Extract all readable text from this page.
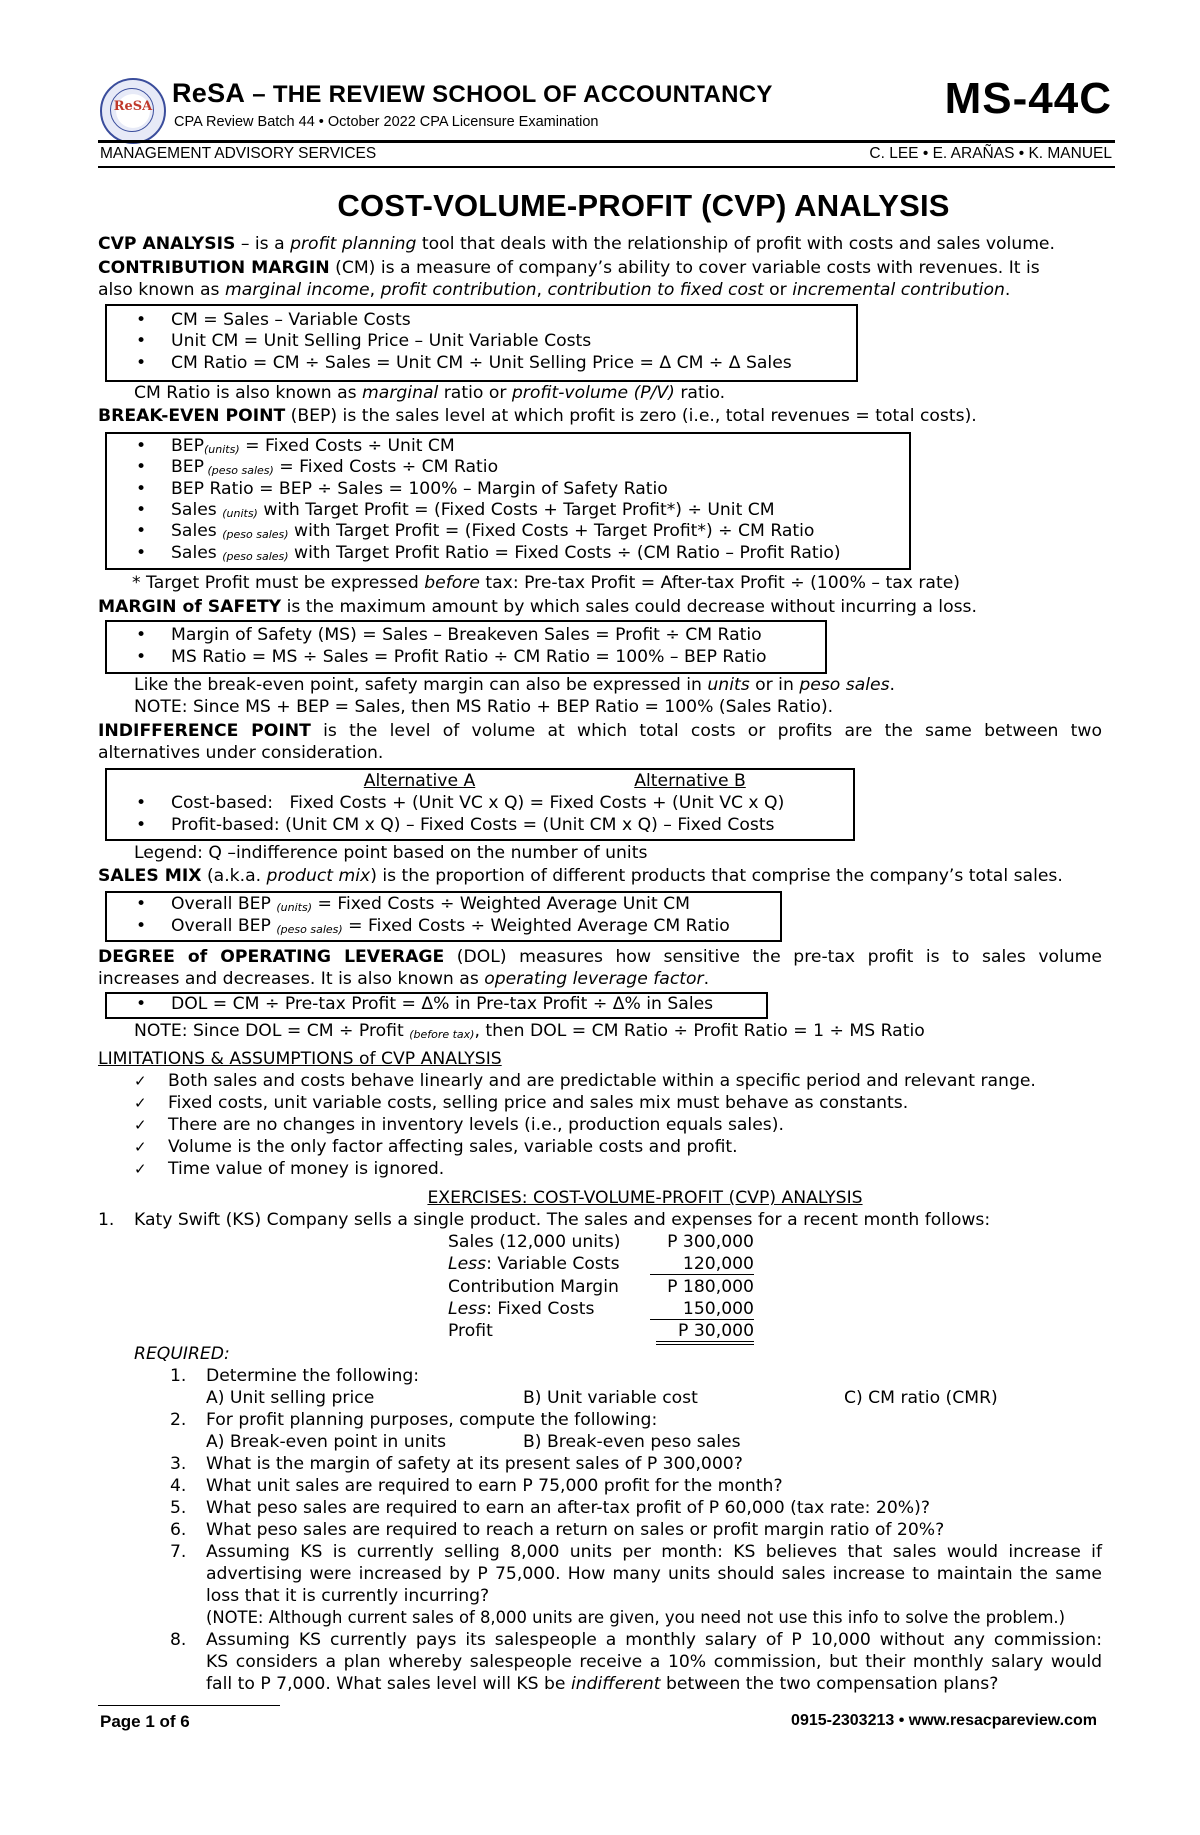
ReSA ReSA – THE REVIEW SCHOOL OF ACCOUNTANCY
CPA Review Batch 44 • October 2022 CPA Licensure Examination	MS-44C
MANAGEMENT ADVISORY SERVICES	C. LEE • E. ARAÑAS • K. MANUEL
COST-VOLUME-PROFIT (CVP) ANALYSIS
CVP ANALYSIS – is a profit planning tool that deals with the relationship of profit with costs and sales volume.
CONTRIBUTION MARGIN (CM) is a measure of company’s ability to cover variable costs with revenues. It is
also known as marginal income, profit contribution, contribution to fixed cost or incremental contribution.
• CM = Sales – Variable Costs
• Unit CM = Unit Selling Price – Unit Variable Costs
• CM Ratio = CM ÷ Sales = Unit CM ÷ Unit Selling Price = Δ CM ÷ Δ Sales
CM Ratio is also known as marginal ratio or profit-volume (P/V) ratio.
BREAK-EVEN POINT (BEP) is the sales level at which profit is zero (i.e., total revenues = total costs).
• BEP(units) = Fixed Costs ÷ Unit CM
• BEP (peso sales) = Fixed Costs ÷ CM Ratio
• BEP Ratio = BEP ÷ Sales = 100% – Margin of Safety Ratio
• Sales (units) with Target Profit = (Fixed Costs + Target Profit*) ÷ Unit CM
• Sales (peso sales) with Target Profit = (Fixed Costs + Target Profit*) ÷ CM Ratio
• Sales (peso sales) with Target Profit Ratio = Fixed Costs ÷ (CM Ratio – Profit Ratio)
* Target Profit must be expressed before tax: Pre-tax Profit = After-tax Profit ÷ (100% – tax rate)
MARGIN of SAFETY is the maximum amount by which sales could decrease without incurring a loss.
• Margin of Safety (MS) = Sales – Breakeven Sales = Profit ÷ CM Ratio
• MS Ratio = MS ÷ Sales = Profit Ratio ÷ CM Ratio = 100% – BEP Ratio
Like the break-even point, safety margin can also be expressed in units or in peso sales.
NOTE: Since MS + BEP = Sales, then MS Ratio + BEP Ratio = 100% (Sales Ratio).
INDIFFERENCE POINT is the level of volume at which total costs or profits are the same between two
alternatives under consideration.
Alternative A	Alternative B
• Cost-based:   Fixed Costs + (Unit VC x Q) = Fixed Costs + (Unit VC x Q)
• Profit-based: (Unit CM x Q) – Fixed Costs = (Unit CM x Q) – Fixed Costs
Legend: Q –indifference point based on the number of units
SALES MIX (a.k.a. product mix) is the proportion of different products that comprise the company’s total sales.
• Overall BEP (units) = Fixed Costs ÷ Weighted Average Unit CM
• Overall BEP (peso sales) = Fixed Costs ÷ Weighted Average CM Ratio
DEGREE of OPERATING LEVERAGE (DOL) measures how sensitive the pre-tax profit is to sales volume
increases and decreases. It is also known as operating leverage factor.
• DOL = CM ÷ Pre-tax Profit = Δ% in Pre-tax Profit ÷ Δ% in Sales
NOTE: Since DOL = CM ÷ Profit (before tax), then DOL = CM Ratio ÷ Profit Ratio = 1 ÷ MS Ratio
LIMITATIONS & ASSUMPTIONS of CVP ANALYSIS
✓ Both sales and costs behave linearly and are predictable within a specific period and relevant range.
✓ Fixed costs, unit variable costs, selling price and sales mix must behave as constants.
✓ There are no changes in inventory levels (i.e., production equals sales).
✓ Volume is the only factor affecting sales, variable costs and profit.
✓ Time value of money is ignored.
EXERCISES: COST-VOLUME-PROFIT (CVP) ANALYSIS
1. Katy Swift (KS) Company sells a single product. The sales and expenses for a recent month follows:
Sales (12,000 units)	P 300,000
Less: Variable Costs	120,000
Contribution Margin	P 180,000
Less: Fixed Costs	150,000
Profit	P 30,000
REQUIRED:
1. Determine the following:
A) Unit selling price	B) Unit variable cost	C) CM ratio (CMR)
2. For profit planning purposes, compute the following:
A) Break-even point in units	B) Break-even peso sales
3. What is the margin of safety at its present sales of P 300,000?
4. What unit sales are required to earn P 75,000 profit for the month?
5. What peso sales are required to earn an after-tax profit of P 60,000 (tax rate: 20%)?
6. What peso sales are required to reach a return on sales or profit margin ratio of 20%?
7.	Assuming KS is currently selling 8,000 units per month: KS believes that sales would increase if
advertising were increased by P 75,000. How many units should sales increase to maintain the same
loss that it is currently incurring?
(NOTE: Although current sales of 8,000 units are given, you need not use this info to solve the problem.)
8.	Assuming KS currently pays its salespeople a monthly salary of P 10,000 without any commission:
KS considers a plan whereby salespeople receive a 10% commission, but their monthly salary would
fall to P 7,000. What sales level will KS be indifferent between the two compensation plans?
Page 1 of 6	0915-2303213 • www.resacpareview.com
